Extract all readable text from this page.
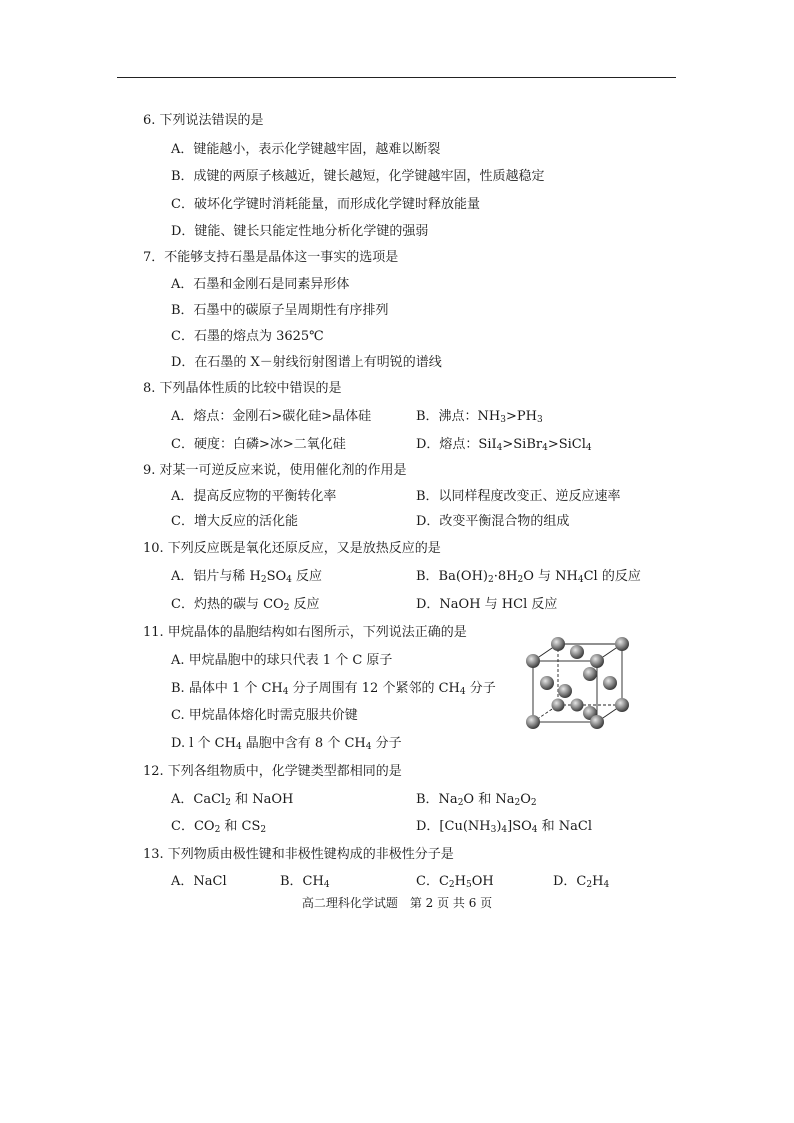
6. 下列说法错误的是
A．键能越小，表示化学键越牢固，越难以断裂
B．成键的两原子核越近，键长越短，化学键越牢固，性质越稳定
C．破坏化学键时消耗能量，而形成化学键时释放能量
D．键能、键长只能定性地分析化学键的强弱
7．不能够支持石墨是晶体这一事实的选项是
A．石墨和金刚石是同素异形体
B．石墨中的碳原子呈周期性有序排列
C．石墨的熔点为 3625℃
D．在石墨的 X－射线衍射图谱上有明锐的谱线
8. 下列晶体性质的比较中错误的是
A．熔点：金刚石>碳化硅>晶体硅	B．沸点：$NH_3>PH_3$
C．硬度：白磷>冰>二氧化硅	D．熔点：SiI$_4$>SiBr$_4$>SiCl$_4$
9. 对某一可逆反应来说，使用催化剂的作用是
A．提高反应物的平衡转化率	B．以同样程度改变正、逆反应速率
C．增大反应的活化能	D．改变平衡混合物的组成
10. 下列反应既是氧化还原反应，又是放热反应的是
A．铝片与稀 $H_2SO_4$ 反应	B．$Ba(OH)_2\cdot 8H_2O$ 与 $NH_4Cl$ 的反应
C．灼热的碳与 $CO_2$ 反应	D．NaOH 与 HCl 反应
11. 甲烷晶体的晶胞结构如右图所示，下列说法正确的是
A. 甲烷晶胞中的球只代表 1 个 C 原子
B. 晶体中 1 个 $CH_4$ 分子周围有 12 个紧邻的 $CH_4$ 分子
C. 甲烷晶体熔化时需克服共价键
D. l 个 $CH_4$ 晶胞中含有 8 个 $CH_4$ 分子
12. 下列各组物质中，化学键类型都相同的是
A．CaCl$_2$ 和 NaOH	B．$Na_2O$ 和 $Na_2O_2$
C．$CO_2$ 和 $CS_2$	D．$[Cu(NH_3)_4]SO_4$ 和 NaCl
13. 下列物质由极性键和非极性键构成的非极性分子是
A．NaCl	B．$CH_4$	C．$C_2H_5OH$	D．$C_2H_4$
高二理科化学试题　第 2 页 共 6 页
